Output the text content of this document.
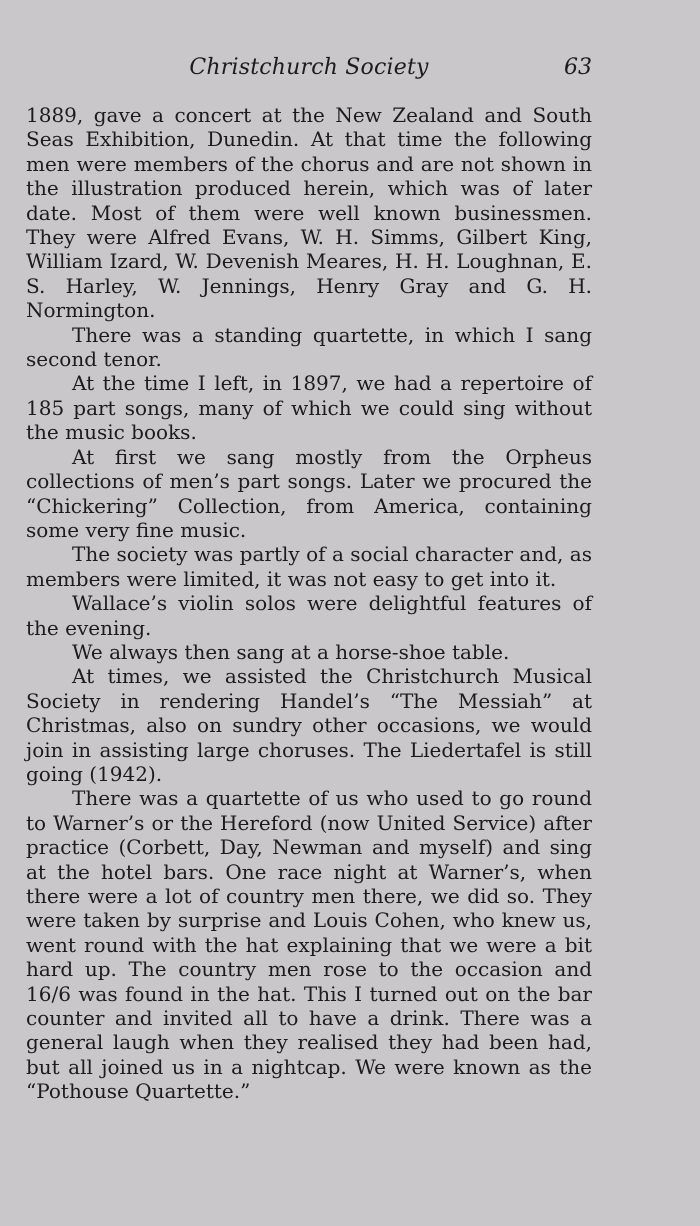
Christchurch Society	63

1889, gave a concert at the New Zealand and South Seas Exhibition, Dunedin. At that time the following men were members of the chorus and are not shown in the illustration produced herein, which was of later date. Most of them were well known businessmen. They were Alfred Evans, W. H. Simms, Gilbert King, William Izard, W. Devenish Meares, H. H. Loughnan, E. S. Harley, W. Jennings, Henry Gray and G. H. Normington.

There was a standing quartette, in which I sang second tenor.

At the time I left, in 1897, we had a repertoire of 185 part songs, many of which we could sing without the music books.

At first we sang mostly from the Orpheus collections of men’s part songs. Later we procured the “Chickering” Collection, from America, containing some very fine music.

The society was partly of a social character and, as members were limited, it was not easy to get into it.

Wallace’s violin solos were delightful features of the evening.

We always then sang at a horse-shoe table.

At times, we assisted the Christchurch Musical Society in rendering Handel’s “The Messiah” at Christmas, also on sundry other occasions, we would join in assisting large choruses. The Liedertafel is still going (1942).

There was a quartette of us who used to go round to Warner’s or the Hereford (now United Service) after practice (Corbett, Day, Newman and myself) and sing at the hotel bars. One race night at Warner’s, when there were a lot of country men there, we did so. They were taken by surprise and Louis Cohen, who knew us, went round with the hat explaining that we were a bit hard up. The country men rose to the occasion and 16/6 was found in the hat. This I turned out on the bar counter and invited all to have a drink. There was a general laugh when they realised they had been had, but all joined us in a nightcap. We were known as the “Pothouse Quartette.”
